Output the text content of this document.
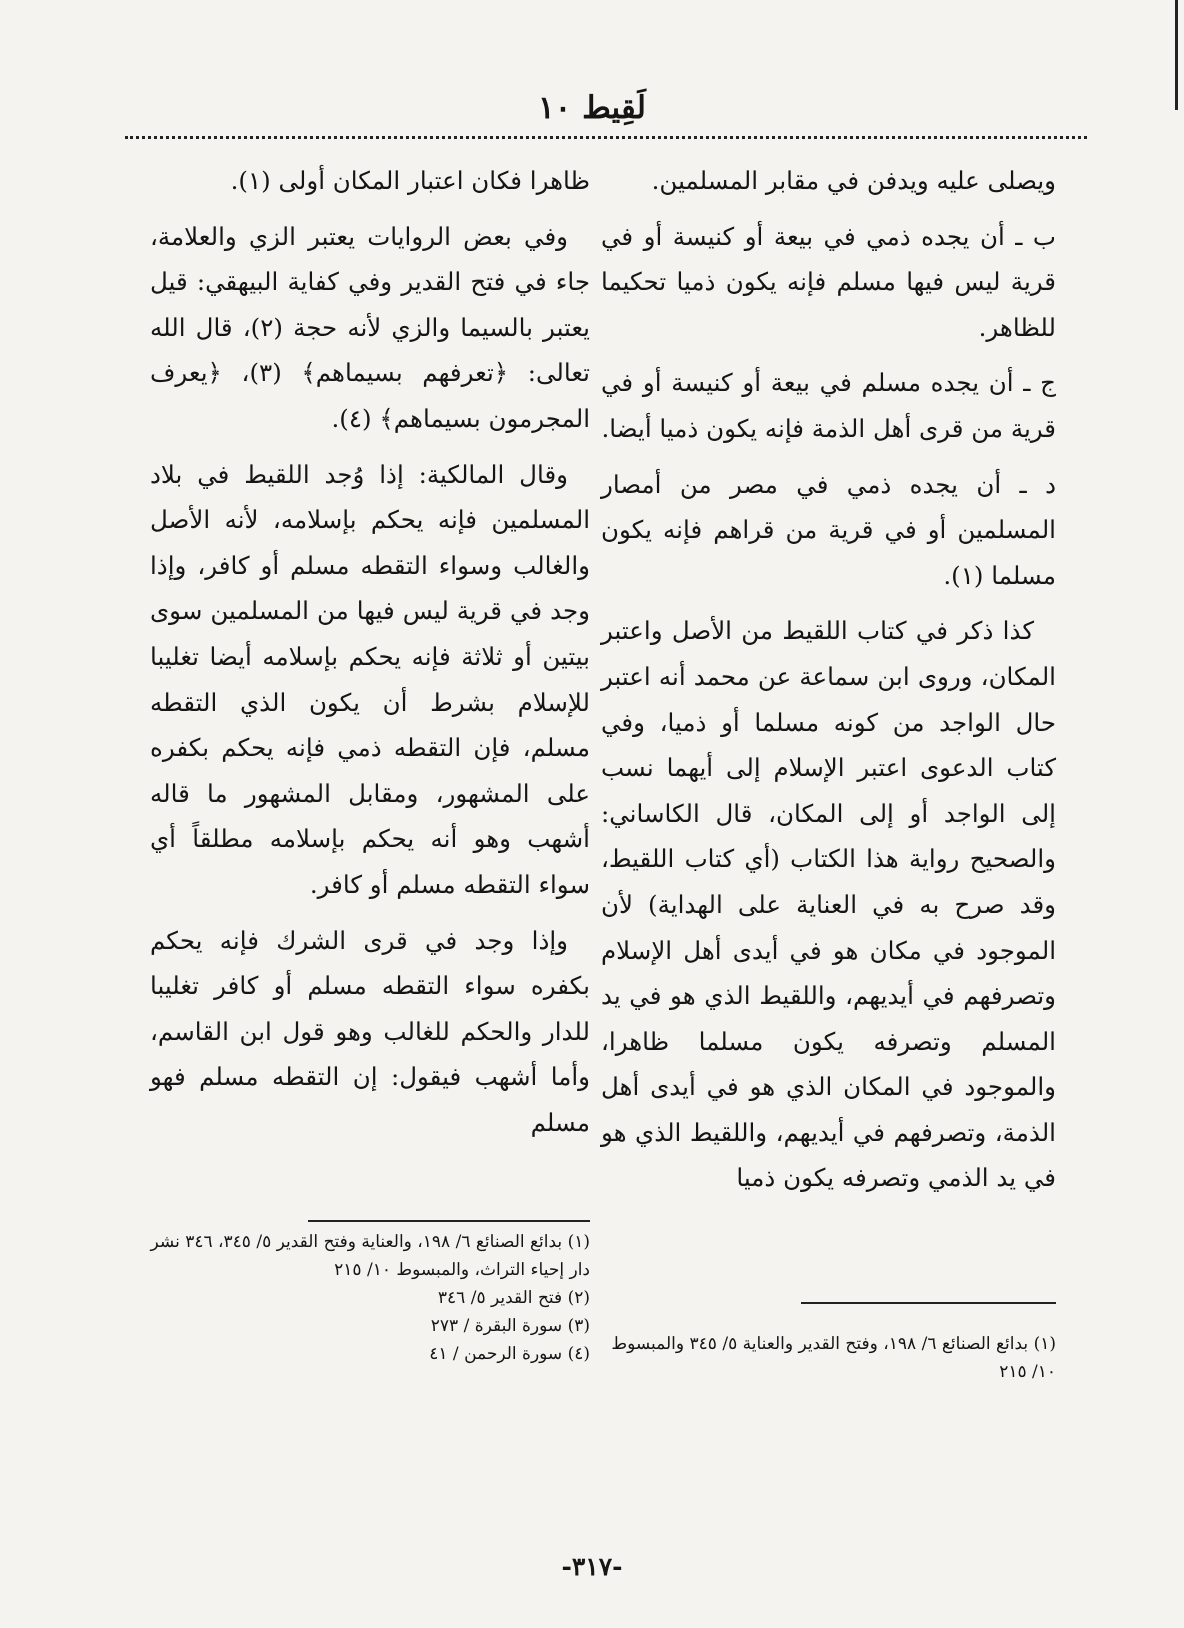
لَقِيط ١٠

ويصلى عليه ويدفن في مقابر المسلمين.

ب ـ أن يجده ذمي في بيعة أو كنيسة أو في قرية ليس فيها مسلم فإنه يكون ذميا تحكيما للظاهر.

ج ـ أن يجده مسلم في بيعة أو كنيسة أو في قرية من قرى أهل الذمة فإنه يكون ذميا أيضا.

د ـ أن يجده ذمي في مصر من أمصار المسلمين أو في قرية من قراهم فإنه يكون مسلما (١).

كذا ذكر في كتاب اللقيط من الأصل واعتبر المكان، وروى ابن سماعة عن محمد أنه اعتبر حال الواجد من كونه مسلما أو ذميا، وفي كتاب الدعوى اعتبر الإسلام إلى أيهما نسب إلى الواجد أو إلى المكان، قال الكاساني: والصحيح رواية هذا الكتاب (أي كتاب اللقيط، وقد صرح به في العناية على الهداية) لأن الموجود في مكان هو في أيدى أهل الإسلام وتصرفهم في أيديهم، واللقيط الذي هو في يد المسلم وتصرفه يكون مسلما ظاهرا، والموجود في المكان الذي هو في أيدى أهل الذمة، وتصرفهم في أيديهم، واللقيط الذي هو في يد الذمي وتصرفه يكون ذميا

(١) بدائع الصنائع ٦/ ١٩٨، وفتح القدير والعناية ٥/ ٣٤٥ والمبسوط ١٠/ ٢١٥

ظاهرا فكان اعتبار المكان أولى (١).

وفي بعض الروايات يعتبر الزي والعلامة، جاء في فتح القدير وفي كفاية البيهقي: قيل يعتبر بالسيما والزي لأنه حجة (٢)، قال الله تعالى: ﴿تعرفهم بسيماهم﴾ (٣)، ﴿يعرف المجرمون بسيماهم﴾ (٤).

وقال المالكية: إذا وُجد اللقيط في بلاد المسلمين فإنه يحكم بإسلامه، لأنه الأصل والغالب وسواء التقطه مسلم أو كافر، وإذا وجد في قرية ليس فيها من المسلمين سوى بيتين أو ثلاثة فإنه يحكم بإسلامه أيضا تغليبا للإسلام بشرط أن يكون الذي التقطه مسلم، فإن التقطه ذمي فإنه يحكم بكفره على المشهور، ومقابل المشهور ما قاله أشهب وهو أنه يحكم بإسلامه مطلقاً أي سواء التقطه مسلم أو كافر.

وإذا وجد في قرى الشرك فإنه يحكم بكفره سواء التقطه مسلم أو كافر تغليبا للدار والحكم للغالب وهو قول ابن القاسم، وأما أشهب فيقول: إن التقطه مسلم فهو مسلم

(١) بدائع الصنائع ٦/ ١٩٨، والعناية وفتح القدير ٥/ ٣٤٥، ٣٤٦ نشر دار إحياء التراث، والمبسوط ١٠/ ٢١٥

(٢) فتح القدير ٥/ ٣٤٦

(٣) سورة البقرة / ٢٧٣

(٤) سورة الرحمن / ٤١

-٣١٧-
